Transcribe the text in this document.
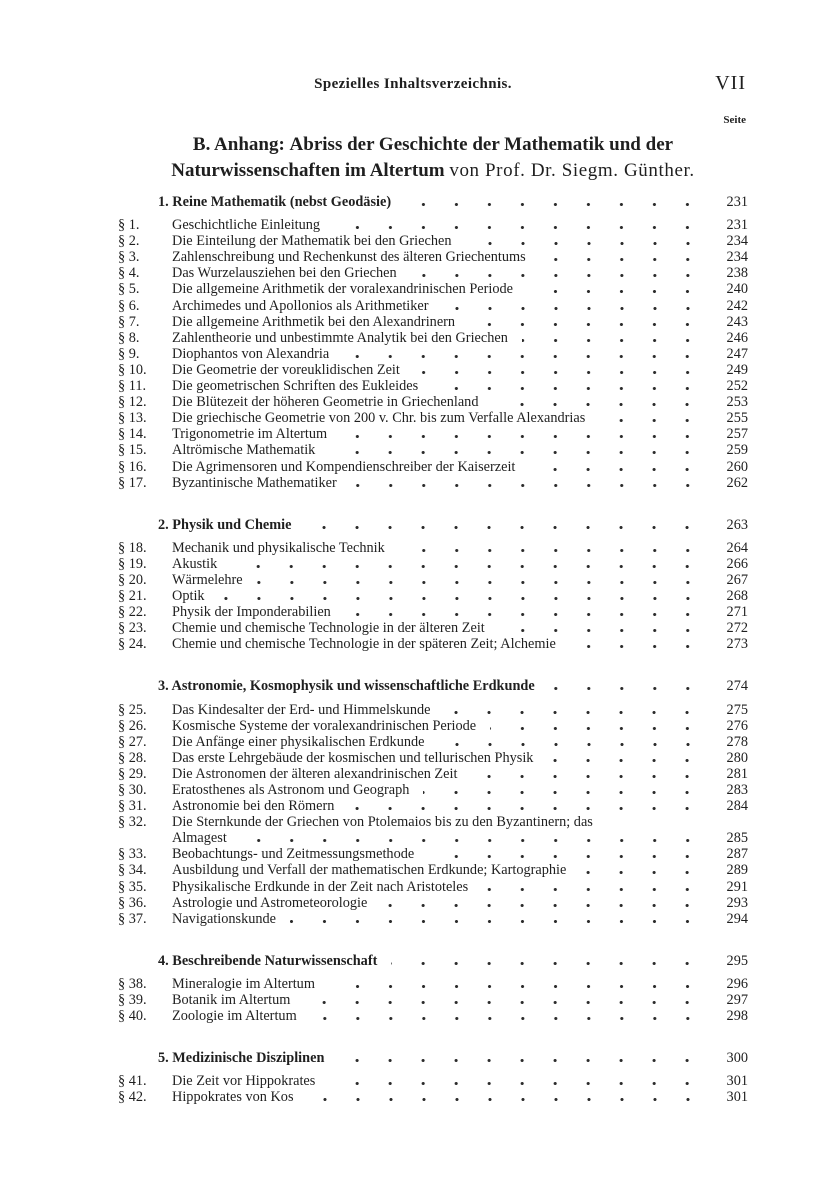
Spezielles Inhaltsverzeichnis.	VII
Seite
B. Anhang: Abriss der Geschichte der Mathematik und der
Naturwissenschaften im Altertum von Prof. Dr. Siegm. Günther.
1. Reine Mathematik (nebst Geodäsie)	231
§ 1.	Geschichtliche Einleitung	231
§ 2.	Die Einteilung der Mathematik bei den Griechen	234
§ 3.	Zahlenschreibung und Rechenkunst des älteren Griechentums	234
§ 4.	Das Wurzelausziehen bei den Griechen	238
§ 5.	Die allgemeine Arithmetik der voralexandrinischen Periode	240
§ 6.	Archimedes und Apollonios als Arithmetiker	242
§ 7.	Die allgemeine Arithmetik bei den Alexandrinern	243
§ 8.	Zahlentheorie und unbestimmte Analytik bei den Griechen	246
§ 9.	Diophantos von Alexandria	247
§ 10.	Die Geometrie der voreuklidischen Zeit	249
§ 11.	Die geometrischen Schriften des Eukleides	252
§ 12.	Die Blütezeit der höheren Geometrie in Griechenland	253
§ 13.	Die griechische Geometrie von 200 v. Chr. bis zum Verfalle Alexandrias	255
§ 14.	Trigonometrie im Altertum	257
§ 15.	Altrömische Mathematik	259
§ 16.	Die Agrimensoren und Kompendienschreiber der Kaiserzeit	260
§ 17.	Byzantinische Mathematiker	262
2. Physik und Chemie	263
§ 18.	Mechanik und physikalische Technik	264
§ 19.	Akustik	266
§ 20.	Wärmelehre	267
§ 21.	Optik	268
§ 22.	Physik der Imponderabilien	271
§ 23.	Chemie und chemische Technologie in der älteren Zeit	272
§ 24.	Chemie und chemische Technologie in der späteren Zeit; Alchemie	273
3. Astronomie, Kosmophysik und wissenschaftliche Erdkunde	274
§ 25.	Das Kindesalter der Erd- und Himmelskunde	275
§ 26.	Kosmische Systeme der voralexandrinischen Periode	276
§ 27.	Die Anfänge einer physikalischen Erdkunde	278
§ 28.	Das erste Lehrgebäude der kosmischen und tellurischen Physik	280
§ 29.	Die Astronomen der älteren alexandrinischen Zeit	281
§ 30.	Eratosthenes als Astronom und Geograph	283
§ 31.	Astronomie bei den Römern	284
§ 32.	Die Sternkunde der Griechen von Ptolemaios bis zu den Byzantinern; das
Almagest	285
§ 33.	Beobachtungs- und Zeitmessungsmethode	287
§ 34.	Ausbildung und Verfall der mathematischen Erdkunde; Kartographie	289
§ 35.	Physikalische Erdkunde in der Zeit nach Aristoteles	291
§ 36.	Astrologie und Astrometeorologie	293
§ 37.	Navigationskunde	294
4. Beschreibende Naturwissenschaft	295
§ 38.	Mineralogie im Altertum	296
§ 39.	Botanik im Altertum	297
§ 40.	Zoologie im Altertum	298
5. Medizinische Disziplinen	300
§ 41.	Die Zeit vor Hippokrates	301
§ 42.	Hippokrates von Kos	301
